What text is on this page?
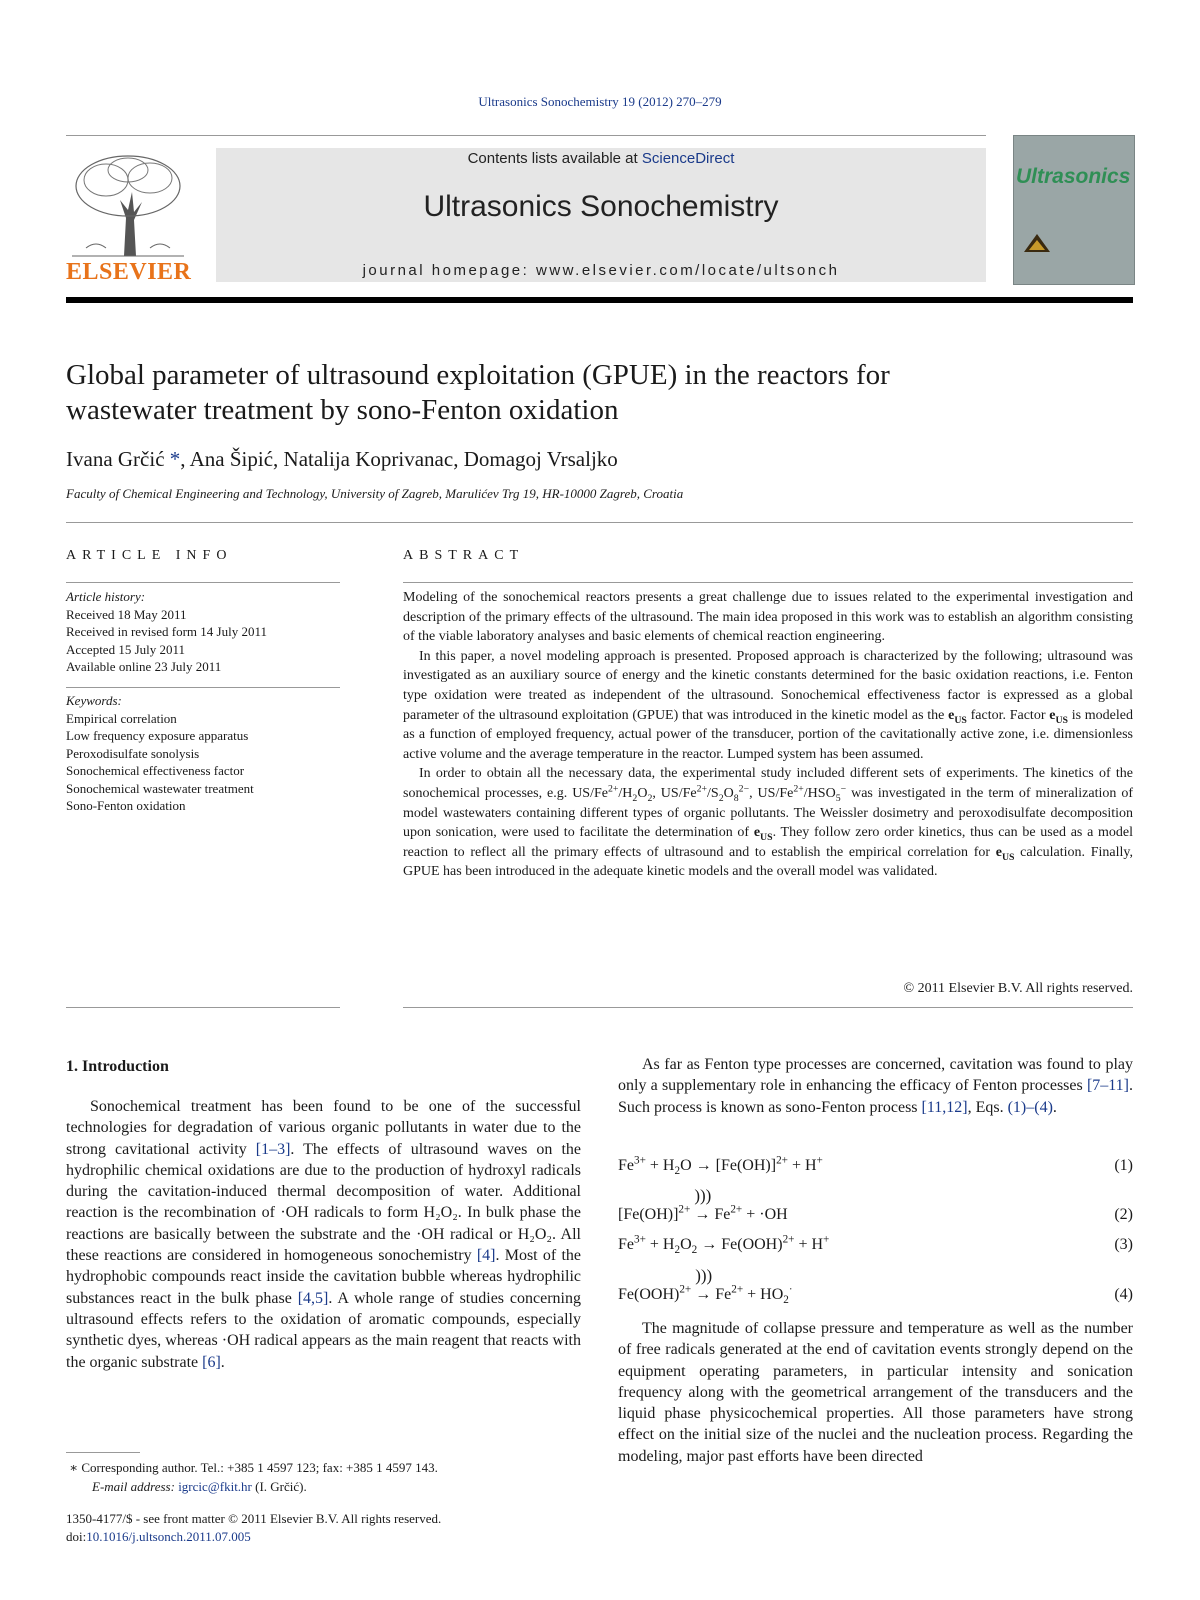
Ultrasonics Sonochemistry 19 (2012) 270–279
ELSEVIER
Contents lists available at ScienceDirect
Ultrasonics Sonochemistry
journal homepage: www.elsevier.com/locate/ultsonch
Ultrasonics
Global parameter of ultrasound exploitation (GPUE) in the reactors for
wastewater treatment by sono-Fenton oxidation
Ivana Grčić *, Ana Šipić, Natalija Koprivanac, Domagoj Vrsaljko
Faculty of Chemical Engineering and Technology, University of Zagreb, Marulićev Trg 19, HR-10000 Zagreb, Croatia
ARTICLE INFO
Article history:
Received 18 May 2011
Received in revised form 14 July 2011
Accepted 15 July 2011
Available online 23 July 2011
Keywords:
Empirical correlation
Low frequency exposure apparatus
Peroxodisulfate sonolysis
Sonochemical effectiveness factor
Sonochemical wastewater treatment
Sono-Fenton oxidation
ABSTRACT

Modeling of the sonochemical reactors presents a great challenge due to issues related to the experimental investigation and description of the primary effects of the ultrasound. The main idea proposed in this work was to establish an algorithm consisting of the viable laboratory analyses and basic elements of chemical reaction engineering.

In this paper, a novel modeling approach is presented. Proposed approach is characterized by the following; ultrasound was investigated as an auxiliary source of energy and the kinetic constants determined for the basic oxidation reactions, i.e. Fenton type oxidation were treated as independent of the ultrasound. Sonochemical effectiveness factor is expressed as a global parameter of the ultrasound exploitation (GPUE) that was introduced in the kinetic model as the $e_{US}$ factor. Factor $e_{US}$ is modeled as a function of employed frequency, actual power of the transducer, portion of the cavitationally active zone, i.e. dimensionless active volume and the average temperature in the reactor. Lumped system has been assumed.

In order to obtain all the necessary data, the experimental study included different sets of experiments. The kinetics of the sonochemical processes, e.g. $US/Fe^{2+}/H_2O_2$, $US/Fe^{2+}/S_2O_8^{2-}$, $US/Fe^{2+}/HSO_5^-$ was investigated in the term of mineralization of model wastewaters containing different types of organic pollutants. The Weissler dosimetry and peroxodisulfate decomposition upon sonication, were used to facilitate the determination of $e_{US}$. They follow zero order kinetics, thus can be used as a model reaction to reflect all the primary effects of ultrasound and to establish the empirical correlation for $e_{US}$ calculation. Finally, GPUE has been introduced in the adequate kinetic models and the overall model was validated.

© 2011 Elsevier B.V. All rights reserved.
1. Introduction

Sonochemical treatment has been found to be one of the successful technologies for degradation of various organic pollutants in water due to the strong cavitational activity [1–3]. The effects of ultrasound waves on the hydrophilic chemical oxidations are due to the production of hydroxyl radicals during the cavitation-induced thermal decomposition of water. Additional reaction is the recombination of ·OH radicals to form H₂O₂. In bulk phase the reactions are basically between the substrate and the ·OH radical or H₂O₂. All these reactions are considered in homogeneous sonochemistry [4]. Most of the hydrophobic compounds react inside the cavitation bubble whereas hydrophilic substances react in the bulk phase [4,5]. A whole range of studies concerning ultrasound effects refers to the oxidation of aromatic compounds, especially synthetic dyes, whereas ·OH radical appears as the main reagent that reacts with the organic substrate [6].

As far as Fenton type processes are concerned, cavitation was found to play only a supplementary role in enhancing the efficacy of Fenton processes [7–11]. Such process is known as sono-Fenton process [11,12], Eqs. (1)–(4).

$Fe^{3+} + H_2O \to [Fe(OH)]^{2+} + H^+$	(1)
$[Fe(OH)]^{2+}$ →
)))
$Fe^{2+} + \cdot OH$	(2)
$Fe^{3+} + H_2O_2 \to Fe(OOH)^{2+} + H^+$	(3)
Fe(OOH)$^{2+}$ →
)))
$Fe^{2+} + HO_2^\cdot$	(4)

The magnitude of collapse pressure and temperature as well as the number of free radicals generated at the end of cavitation events strongly depend on the equipment operating parameters, in particular intensity and sonication frequency along with the geometrical arrangement of the transducers and the liquid phase physicochemical properties. All those parameters have strong effect on the initial size of the nuclei and the nucleation process. Regarding the modeling, major past efforts have been directed

∗ Corresponding author. Tel.: +385 1 4597 123; fax: +385 1 4597 143.
E-mail address: igrcic@fkit.hr (I. Grčić).
1350-4177/$ - see front matter © 2011 Elsevier B.V. All rights reserved.
doi:10.1016/j.ultsonch.2011.07.005
